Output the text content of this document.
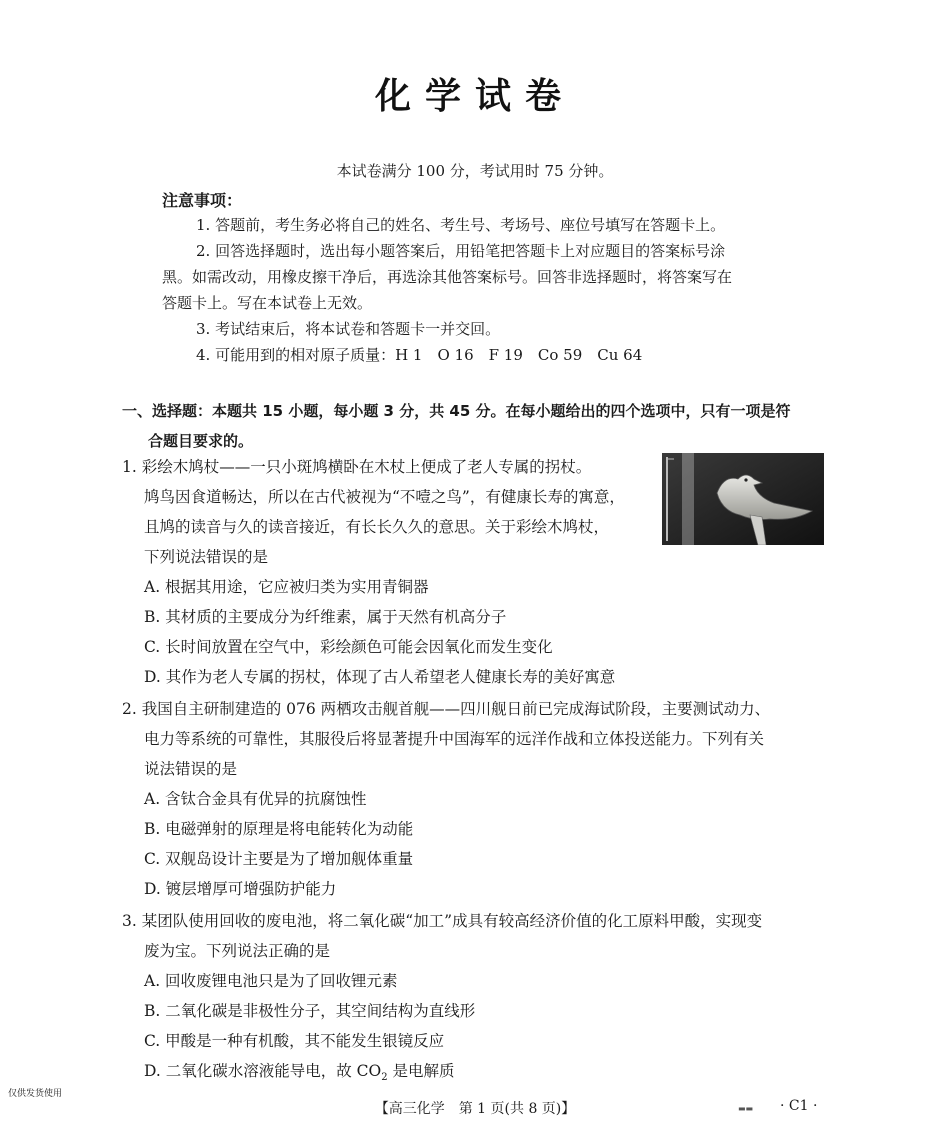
化学试卷
本试卷满分 100 分，考试用时 75 分钟。
注意事项：

1. 答题前，考生务必将自己的姓名、考生号、考场号、座位号填写在答题卡上。

2. 回答选择题时，选出每小题答案后，用铅笔把答题卡上对应题目的答案标号涂

黑。如需改动，用橡皮擦干净后，再选涂其他答案标号。回答非选择题时，将答案写在

答题卡上。写在本试卷上无效。

3. 考试结束后，将本试卷和答题卡一并交回。

4. 可能用到的相对原子质量：H 1　O 16　F 19　Co 59　Cu 64

一、选择题：本题共 15 小题，每小题 3 分，共 45 分。在每小题给出的四个选项中，只有一项是符
合题目要求的。

1. 彩绘木鸠杖——一只小斑鸠横卧在木杖上便成了老人专属的拐杖。

鸠鸟因食道畅达，所以在古代被视为“不噎之鸟”，有健康长寿的寓意，

且鸠的读音与久的读音接近，有长长久久的意思。关于彩绘木鸠杖，

下列说法错误的是

A. 根据其用途，它应被归类为实用青铜器

B. 其材质的主要成分为纤维素，属于天然有机高分子

C. 长时间放置在空气中，彩绘颜色可能会因氧化而发生变化

D. 其作为老人专属的拐杖，体现了古人希望老人健康长寿的美好寓意

2. 我国自主研制建造的 076 两栖攻击舰首舰——四川舰日前已完成海试阶段，主要测试动力、

电力等系统的可靠性，其服役后将显著提升中国海军的远洋作战和立体投送能力。下列有关

说法错误的是

A. 含钛合金具有优异的抗腐蚀性

B. 电磁弹射的原理是将电能转化为动能

C. 双舰岛设计主要是为了增加舰体重量

D. 镀层增厚可增强防护能力

3. 某团队使用回收的废电池，将二氧化碳“加工”成具有较高经济价值的化工原料甲酸，实现变

废为宝。下列说法正确的是

A. 回收废锂电池只是为了回收锂元素

B. 二氧化碳是非极性分子，其空间结构为直线形

C. 甲酸是一种有机酸，其不能发生银镜反应

D. 二氧化碳水溶液能导电，故 $CO_2$ 是电解质

仅供发货使用
【高三化学　第 1 页(共 8 页)】	▬▬ · C1 ·
